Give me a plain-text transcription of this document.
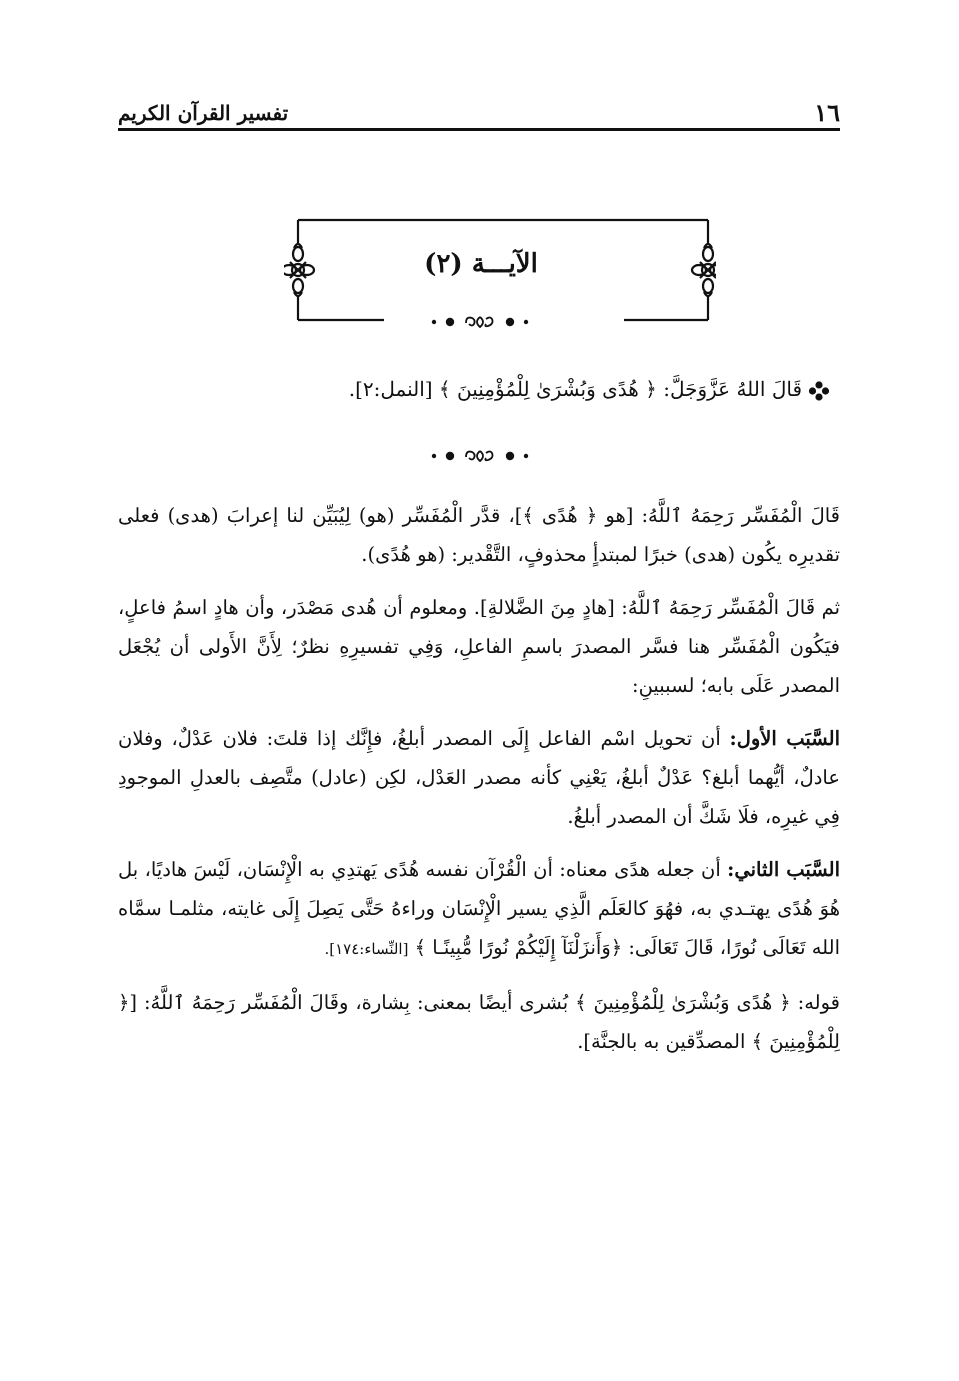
١٦
تفسير القرآن الكريم
الآيـــة (٢)
قَالَ اللهُ عَزَّوَجَلَّ: ﴿ هُدًى وَبُشْرَىٰ لِلْمُؤْمِنِينَ ﴾ [النمل:٢].

قَالَ الْمُفَسِّر رَحِمَهُ ٱللَّهُ: [هو ﴿ هُدًى ﴾]، قدَّر الْمُفَسِّر (هو) لِيُبَيِّن لنا إعرابَ (هدى) فعلى تقديرِه يكُون (هدى) خبرًا لمبتدأٍ محذوفٍ، التَّقْدير: (هو هُدًى).

ثم قَالَ الْمُفَسِّر رَحِمَهُ ٱللَّهُ: [هادٍ مِنَ الضَّلالةِ]. ومعلوم أن هُدى مَصْدَر، وأن هادٍ اسمُ فاعلٍ، فيَكُون الْمُفَسِّر هنا فسَّر المصدرَ باسمِ الفاعلِ، وَفِي تفسيرِهِ نظرٌ؛ لِأَنَّ الأَولى أن يُجْعَل المصدر عَلَى بابه؛ لسببينِ:

السَّبَب الأول: أن تحويل اسْم الفاعل إِلَى المصدر أبلغُ، فإِنَّك إذا قلتَ: فلان عَدْلٌ، وفلان عادلٌ، أيُّهما أبلغ؟ عَدْلٌ أبلغُ، يَعْنِي كأنه مصدر العَدْل، لكِن (عادل) متَّصِف بالعدلِ الموجودِ فِي غيرِه، فلَا شَكَّ أن المصدر أبلغُ.

السَّبَب الثاني: أن جعله هدًى معناه: أن الْقُرْآن نفسه هُدًى يَهتدِي به الْإِنْسَان، لَيْسَ هاديًا، بل هُوَ هُدًى يهتـدي به، فهُوَ كالعَلَم الَّذِي يسير الْإِنْسَان وراءهُ حَتَّى يَصِلَ إِلَى غايته، مثلمـا سمَّاه الله تَعَالَى نُورًا، قَالَ تَعَالَى: ﴿وَأَنزَلْنَآ إِلَيْكُمْ نُورًا مُّبِينًـا ﴾ [النِّساء:١٧٤].

قوله: ﴿ هُدًى وَبُشْرَىٰ لِلْمُؤْمِنِينَ ﴾ بُشرى أيضًا بمعنى: بِشارة، وقَالَ الْمُفَسِّر رَحِمَهُ ٱللَّهُ: [﴿ لِلْمُؤْمِنِينَ ﴾ المصدِّقين به بالجنَّة].
